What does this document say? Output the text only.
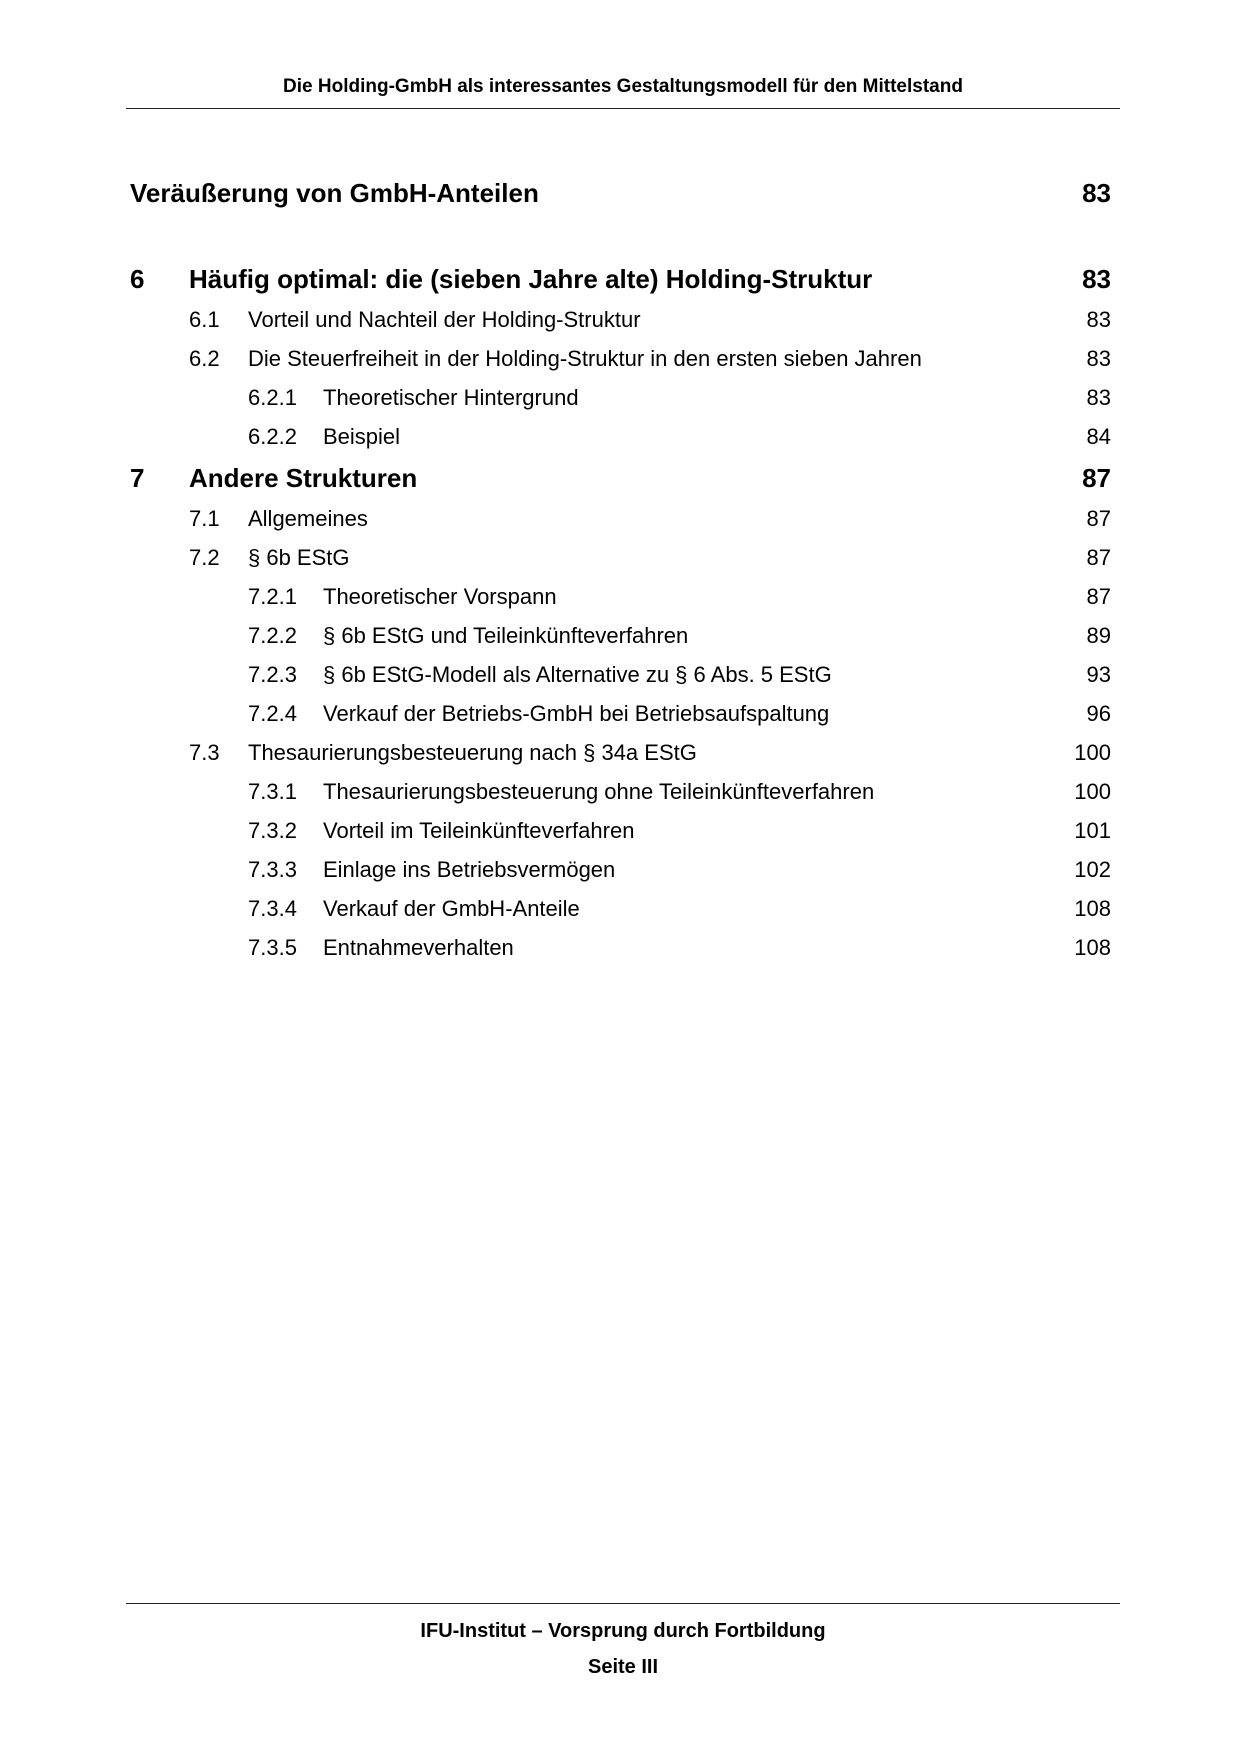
Die Holding-GmbH als interessantes Gestaltungsmodell für den Mittelstand
Veräußerung von GmbH-Anteilen	83
6 Häufig optimal: die (sieben Jahre alte) Holding-Struktur	83
6.1 Vorteil und Nachteil der Holding-Struktur	83
6.2 Die Steuerfreiheit in der Holding-Struktur in den ersten sieben Jahren	83
6.2.1 Theoretischer Hintergrund	83
6.2.2 Beispiel	84
7 Andere Strukturen	87
7.1 Allgemeines	87
7.2 § 6b EStG	87
7.2.1 Theoretischer Vorspann	87
7.2.2 § 6b EStG und Teileinkünfteverfahren	89
7.2.3 § 6b EStG-Modell als Alternative zu § 6 Abs. 5 EStG	93
7.2.4 Verkauf der Betriebs-GmbH bei Betriebsaufspaltung	96
7.3 Thesaurierungsbesteuerung nach § 34a EStG	100
7.3.1 Thesaurierungsbesteuerung ohne Teileinkünfteverfahren	100
7.3.2 Vorteil im Teileinkünfteverfahren	101
7.3.3 Einlage ins Betriebsvermögen	102
7.3.4 Verkauf der GmbH-Anteile	108
7.3.5 Entnahmeverhalten	108
IFU-Institut – Vorsprung durch Fortbildung
Seite III
